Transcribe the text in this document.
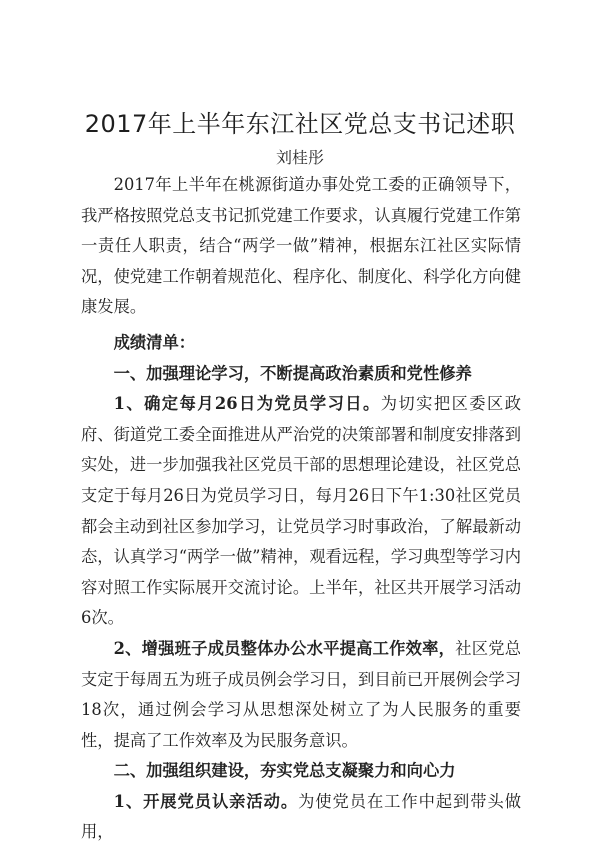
2017年上半年东江社区党总支书记述职
刘桂彤

2017年上半年在桃源街道办事处党工委的正确领导下，我严格按照党总支书记抓党建工作要求，认真履行党建工作第一责任人职责，结合“两学一做”精神，根据东江社区实际情况，使党建工作朝着规范化、程序化、制度化、科学化方向健康发展。

成绩清单：

一、加强理论学习，不断提高政治素质和党性修养

1、确定每月26日为党员学习日。为切实把区委区政府、街道党工委全面推进从严治党的决策部署和制度安排落到实处，进一步加强我社区党员干部的思想理论建设，社区党总支定于每月26日为党员学习日，每月26日下午1:30社区党员都会主动到社区参加学习，让党员学习时事政治，了解最新动态，认真学习“两学一做”精神，观看远程，学习典型等学习内容对照工作实际展开交流讨论。上半年，社区共开展学习活动6次。

2、增强班子成员整体办公水平提高工作效率，社区党总支定于每周五为班子成员例会学习日，到目前已开展例会学习18次，通过例会学习从思想深处树立了为人民服务的重要性，提高了工作效率及为民服务意识。

二、加强组织建设，夯实党总支凝聚力和向心力

1、开展党员认亲活动。为使党员在工作中起到带头做用，
